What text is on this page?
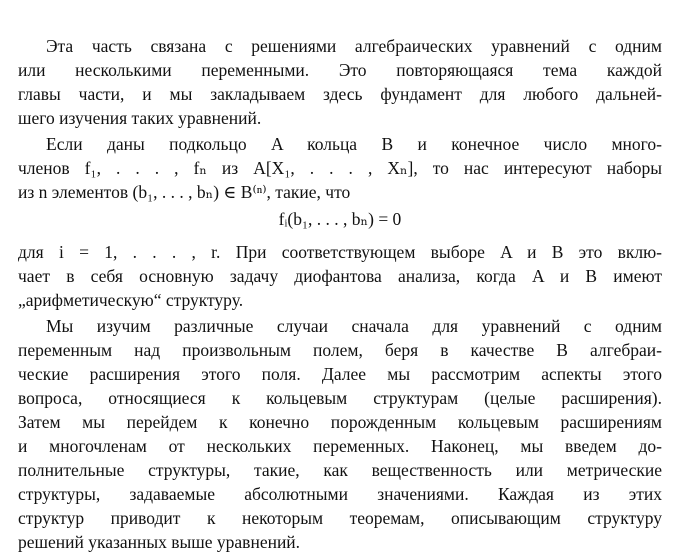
Эта часть связана с решениями алгебраических уравнений с одним
или несколькими переменными. Это повторяющаяся тема каждой
главы части, и мы закладываем здесь фундамент для любого дальней-
шего изучения таких уравнений.
Если даны подкольцо A кольца B и конечное число много-
членов f₁, . . . , fₙ из A[X₁, . . . , Xₙ], то нас интересуют наборы
из n элементов (b₁, . . . , bₙ) ∈ B⁽ⁿ⁾, такие, что
fᵢ(b₁, . . . , bₙ) = 0
для i = 1, . . . , r. При соответствующем выборе A и B это вклю-
чает в себя основную задачу диофантова анализа, когда A и B имеют
„арифметическую“ структуру.
Мы изучим различные случаи сначала для уравнений с одним
переменным над произвольным полем, беря в качестве B алгебраи-
ческие расширения этого поля. Далее мы рассмотрим аспекты этого
вопроса, относящиеся к кольцевым структурам (целые расширения).
Затем мы перейдем к конечно порожденным кольцевым расширениям
и многочленам от нескольких переменных. Наконец, мы введем до-
полнительные структуры, такие, как вещественность или метрические
структуры, задаваемые абсолютными значениями. Каждая из этих
структур приводит к некоторым теоремам, описывающим структуру
решений указанных выше уравнений.
